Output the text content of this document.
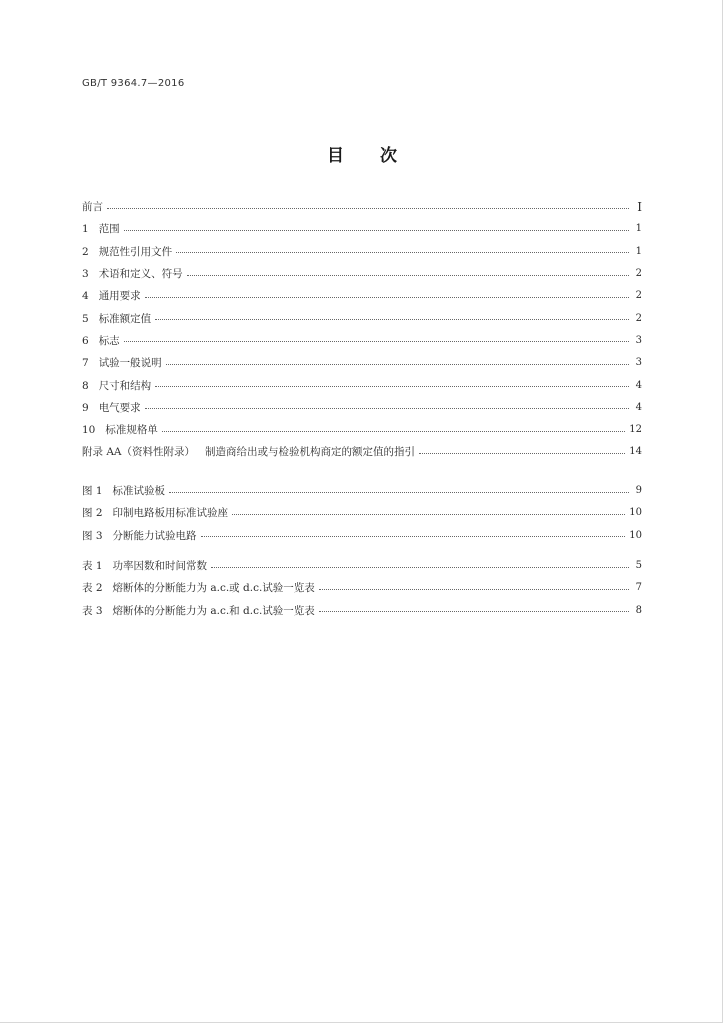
GB/T 9364.7—2016
目 次
前言	Ⅰ
1 范围	1
2 规范性引用文件	1
3 术语和定义、符号	2
4 通用要求	2
5 标准额定值	2
6 标志	3
7 试验一般说明	3
8 尺寸和结构	4
9 电气要求	4
10 标准规格单	12
附录 AA（资料性附录） 制造商给出或与检验机构商定的额定值的指引	14
图 1 标准试验板	9
图 2 印制电路板用标准试验座	10
图 3 分断能力试验电路	10
表 1 功率因数和时间常数	5
表 2 熔断体的分断能力为 a.c.或 d.c.试验一览表	7
表 3 熔断体的分断能力为 a.c.和 d.c.试验一览表	8
